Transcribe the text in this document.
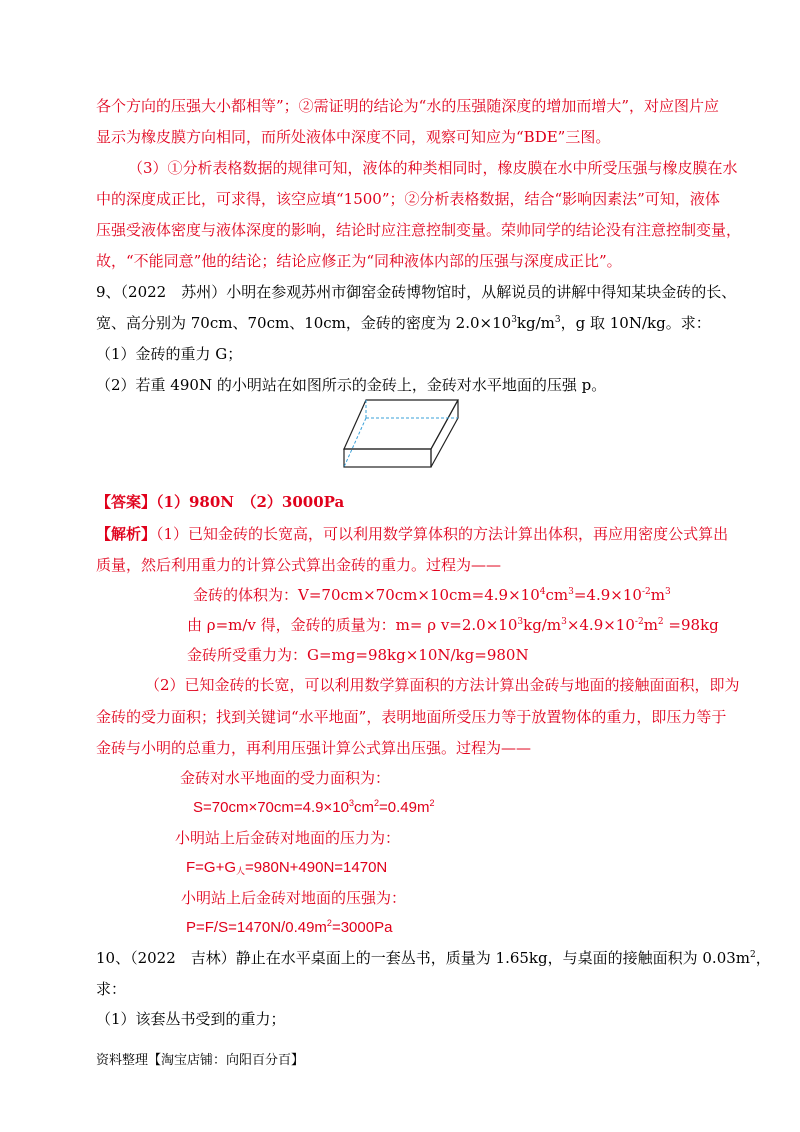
各个方向的压强大小都相等”；②需证明的结论为“水的压强随深度的增加而增大”，对应图片应
显示为橡皮膜方向相同，而所处液体中深度不同，观察可知应为“BDE”三图。
（3）①分析表格数据的规律可知，液体的种类相同时，橡皮膜在水中所受压强与橡皮膜在水
中的深度成正比，可求得，该空应填“1500”；②分析表格数据，结合“影响因素法”可知，液体
压强受液体密度与液体深度的影响，结论时应注意控制变量。荣帅同学的结论没有注意控制变量，
故，“不能同意”他的结论；结论应修正为“同种液体内部的压强与深度成正比”。
9、（2022　苏州）小明在参观苏州市御窑金砖博物馆时，从解说员的讲解中得知某块金砖的长、
宽、高分别为 70cm、70cm、10cm，金砖的密度为 $2.0\times 10^3kg/m^3$，g 取 10N/kg。求：
（1）金砖的重力 G；
（2）若重 490N 的小明站在如图所示的金砖上，金砖对水平地面的压强 p。
【答案】（1）980N　（2）3000Pa
【解析】（1）已知金砖的长宽高，可以利用数学算体积的方法计算出体积，再应用密度公式算出
质量，然后利用重力的计算公式算出金砖的重力。过程为——
金砖的体积为：$V=70cm\times 70cm\times 10cm=4.9\times 10^4cm^3=4.9\times 10^{-2}m^3$
由 ρ=m/v 得，金砖的质量为：m= ρ $v=2.0\times 10^3kg/m^3\times 4.9\times 10^{-2}m^2 =98kg$
金砖所受重力为：G=mg=98kg×10N/kg=980N
（2）已知金砖的长宽，可以利用数学算面积的方法计算出金砖与地面的接触面面积，即为
金砖的受力面积；找到关键词“水平地面”，表明地面所受压力等于放置物体的重力，即压力等于
金砖与小明的总重力，再利用压强计算公式算出压强。过程为——
金砖对水平地面的受力面积为：
$S=70cm\times 70cm=4.9\times 10^3cm^2=0.49m^2$
小明站上后金砖对地面的压力为：
$F=G+G_人=980N+490N=1470N$
小明站上后金砖对地面的压强为：
$P=F/S=1470N/0.49m^2=3000Pa$
10、（2022　吉林）静止在水平桌面上的一套丛书，质量为 1.65kg，与桌面的接触面积为 $0.03m^2$，
求：
（1）该套丛书受到的重力；
资料整理【淘宝店铺：向阳百分百】
